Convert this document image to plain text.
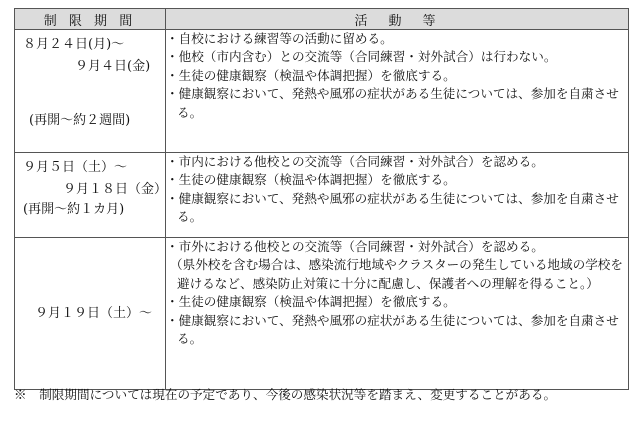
制 限 期 間	活　動　等

８月２４日(月)～
９月４日(金)
(再開～約２週間)	・自校における練習等の活動に留める。
・他校（市内含む）との交流等（合同練習・対外試合）は行わない。
・生徒の健康観察（検温や体調把握）を徹底する。
・健康観察において、発熱や風邪の症状がある生徒については、参加を自粛させる。

９月５日（土）～
９月１８日（金）
(再開～約１カ月)	・市内における他校との交流等（合同練習・対外試合）を認める。
・生徒の健康観察（検温や体調把握）を徹底する。
・健康観察において、発熱や風邪の症状がある生徒については、参加を自粛させる。

９月１９日（土）～	・市外における他校との交流等（合同練習・対外試合）を認める。
（県外校を含む場合は、感染流行地域やクラスターの発生している地域の学校を避けるなど、感染防止対策に十分に配慮し、保護者への理解を得ること。）
・生徒の健康観察（検温や体調把握）を徹底する。
・健康観察において、発熱や風邪の症状がある生徒については、参加を自粛させる。
※　制限期間については現在の予定であり、今後の感染状況等を踏まえ、変更することがある。
